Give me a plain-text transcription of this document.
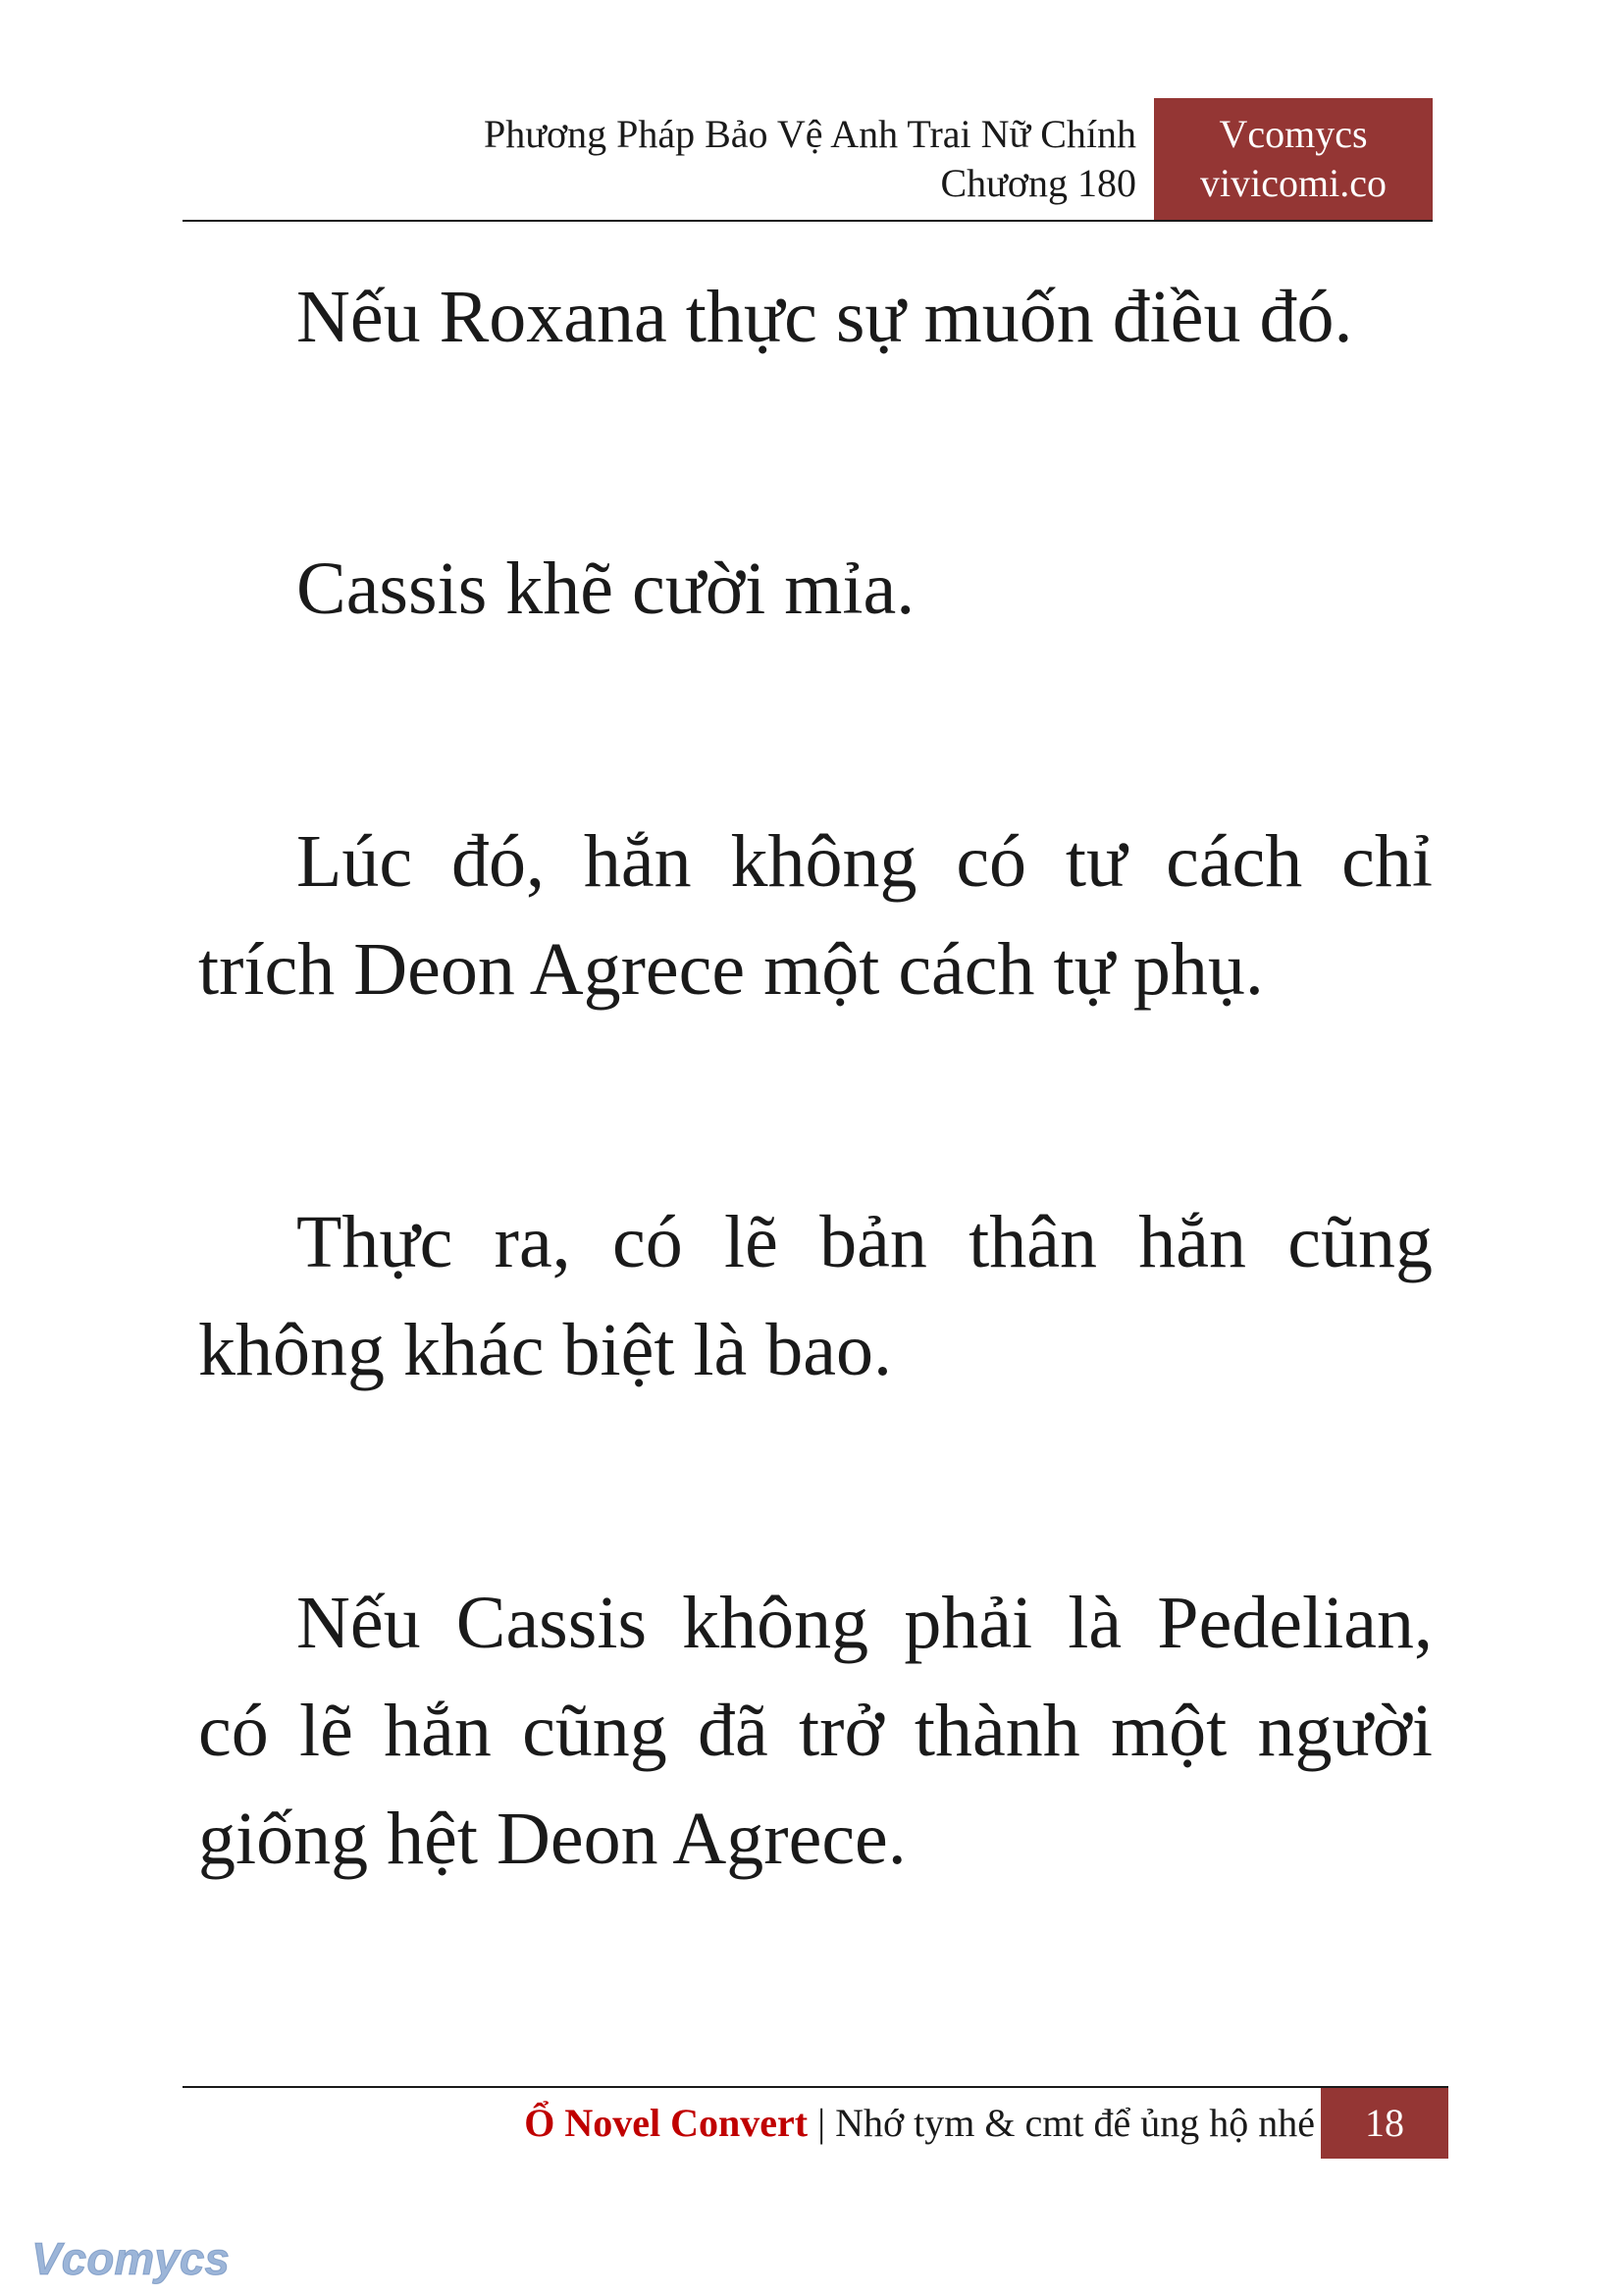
Phương Pháp Bảo Vệ Anh Trai Nữ Chính
Chương 180
Vcomycs
vivicomi.co

Nếu Roxana thực sự muốn điều đó.

Cassis khẽ cười mỉa.

Lúc đó, hắn không có tư cách chỉ trích Deon Agrece một cách tự phụ.

Thực ra, có lẽ bản thân hắn cũng không khác biệt là bao.

Nếu Cassis không phải là Pedelian, có lẽ hắn cũng đã trở thành một người giống hệt Deon Agrece.

Ổ Novel Convert | Nhớ tym & cmt để ủng hộ nhé	18
Vcomycs
